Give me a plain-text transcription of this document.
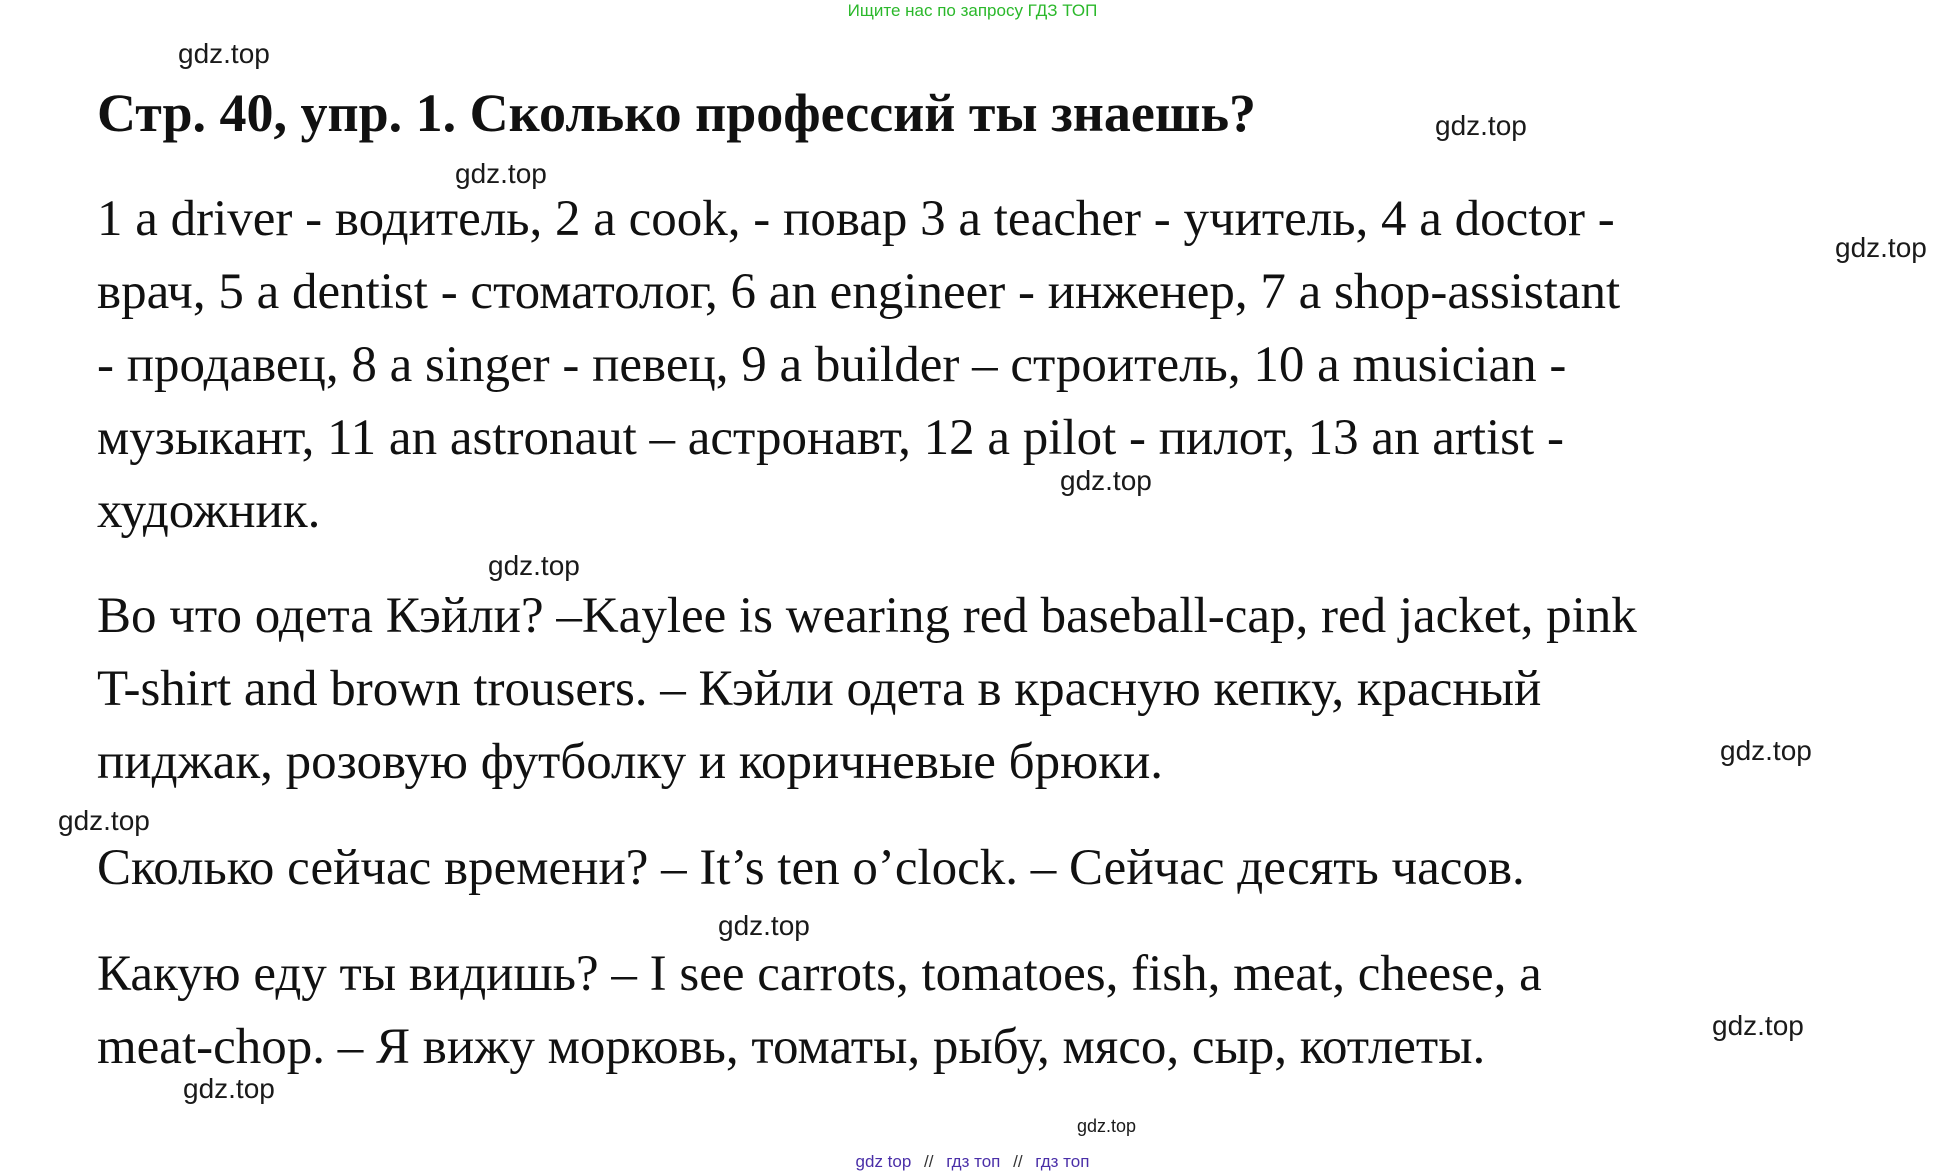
Ищите нас по запросу ГДЗ ТОП
Стр. 40, упр. 1. Сколько профессий ты знаешь?
1 a driver - водитель, 2 a cook, - повар 3 a teacher - учитель, 4 a doctor -
врач, 5 a dentist - стоматолог, 6 an engineer - инженер, 7 a shop-assistant
- продавец, 8 a singer - певец, 9 a builder – строитель, 10 a musician -
музыкант, 11 an astronaut – астронавт, 12 a pilot - пилот, 13 an artist -
художник.
Во что одета Кэйли? –Kaylee is wearing red baseball-cap, red jacket, pink
T-shirt and brown trousers. – Кэйли одета в красную кепку, красный
пиджак, розовую футболку и коричневые брюки.
Сколько сейчас времени? – It’s ten o’clock. – Сейчас десять часов.
Какую еду ты видишь? – I see carrots, tomatoes, fish, meat, cheese, a
meat-chop. – Я вижу морковь, томаты, рыбу, мясо, сыр, котлеты.
gdz.top
gdz.top
gdz.top
gdz.top
gdz.top
gdz.top
gdz.top
gdz.top
gdz.top
gdz.top
gdz.top
gdz.top
gdz top // гдз топ // гдз топ
